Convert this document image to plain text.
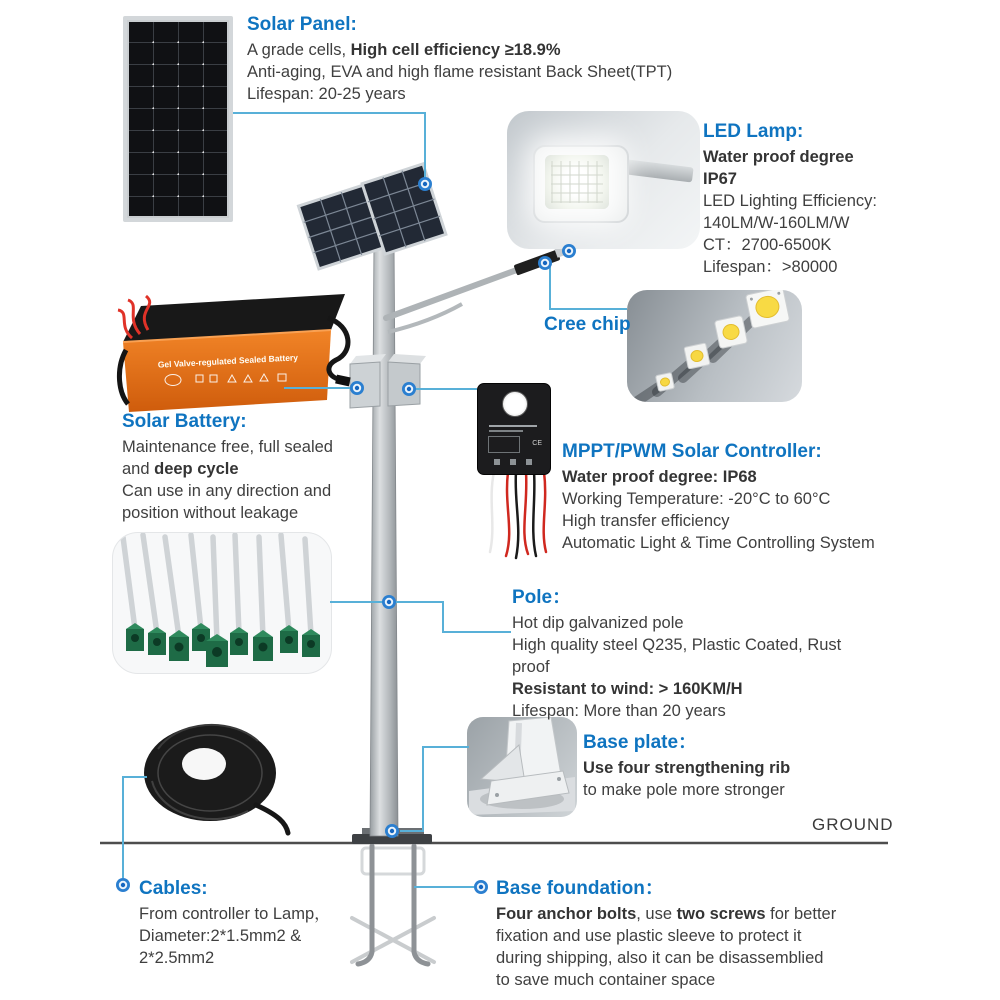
Gel Valve-regulated Sealed Battery
CE
Solar Panel:
A grade cells, High cell efficiency ≥18.9%
Anti-aging, EVA and high flame resistant Back Sheet(TPT)
Lifespan: 20-25 years
LED Lamp:
Water proof degree
IP67
LED Lighting Efficiency:
140LM/W-160LM/W
CT：2700-6500K
Lifespan：>80000
Cree chip
Solar Battery:
Maintenance free, full sealed
and deep cycle
Can use in any direction and
position without leakage
MPPT/PWM Solar Controller:
Water proof degree: IP68
Working Temperature: -20°C to 60°C
High transfer efficiency
Automatic Light & Time Controlling System
Pole：
Hot dip galvanized pole
High quality steel Q235, Plastic Coated, Rust
proof
Resistant to wind: > 160KM/H
Lifespan: More than 20 years
Base plate：
Use four strengthening rib
to make pole more stronger
GROUND
Cables:
From controller to Lamp，
Diameter:2*1.5mm2 &
2*2.5mm2
Base foundation：
Four anchor bolts, use two screws for better
fixation and use plastic sleeve to protect it
during shipping, also it can be disassemblied
to save much container space
